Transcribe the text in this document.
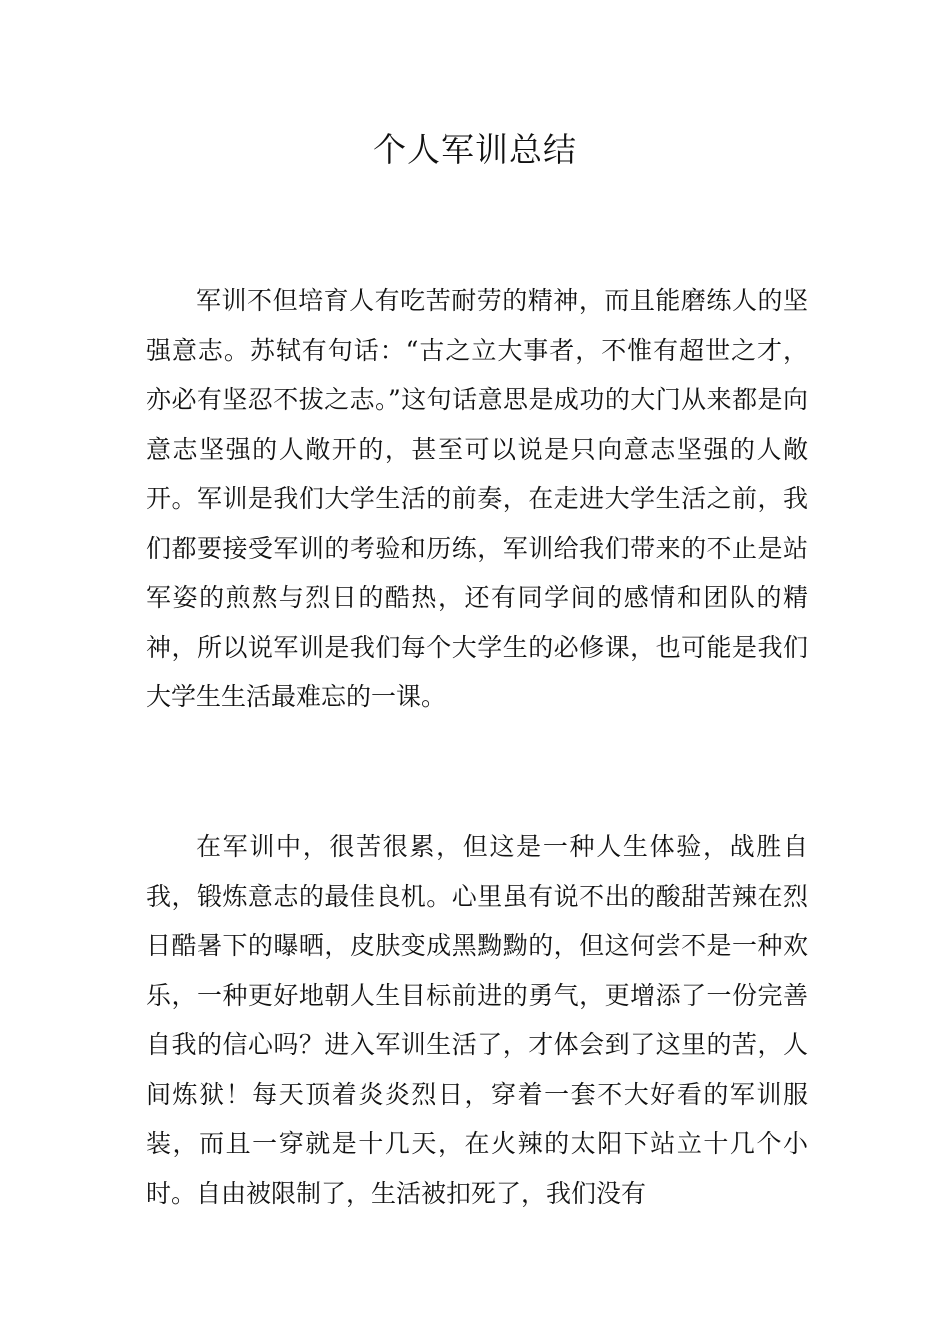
个人军训总结

军训不但培育人有吃苦耐劳的精神，而且能磨练人的坚强意志。苏轼有句话：“古之立大事者，不惟有超世之才，亦必有坚忍不拔之志。”这句话意思是成功的大门从来都是向意志坚强的人敞开的，甚至可以说是只向意志坚强的人敞开。军训是我们大学生活的前奏，在走进大学生活之前，我们都要接受军训的考验和历练，军训给我们带来的不止是站军姿的煎熬与烈日的酷热，还有同学间的感情和团队的精神，所以说军训是我们每个大学生的必修课，也可能是我们大学生生活最难忘的一课。

在军训中，很苦很累，但这是一种人生体验，战胜自我，锻炼意志的最佳良机。心里虽有说不出的酸甜苦辣在烈日酷暑下的曝晒，皮肤变成黑黝黝的，但这何尝不是一种欢乐，一种更好地朝人生目标前进的勇气，更增添了一份完善自我的信心吗？进入军训生活了，才体会到了这里的苦，人间炼狱！每天顶着炎炎烈日，穿着一套不大好看的军训服装，而且一穿就是十几天，在火辣的太阳下站立十几个小时。自由被限制了，生活被扣死了，我们没有
